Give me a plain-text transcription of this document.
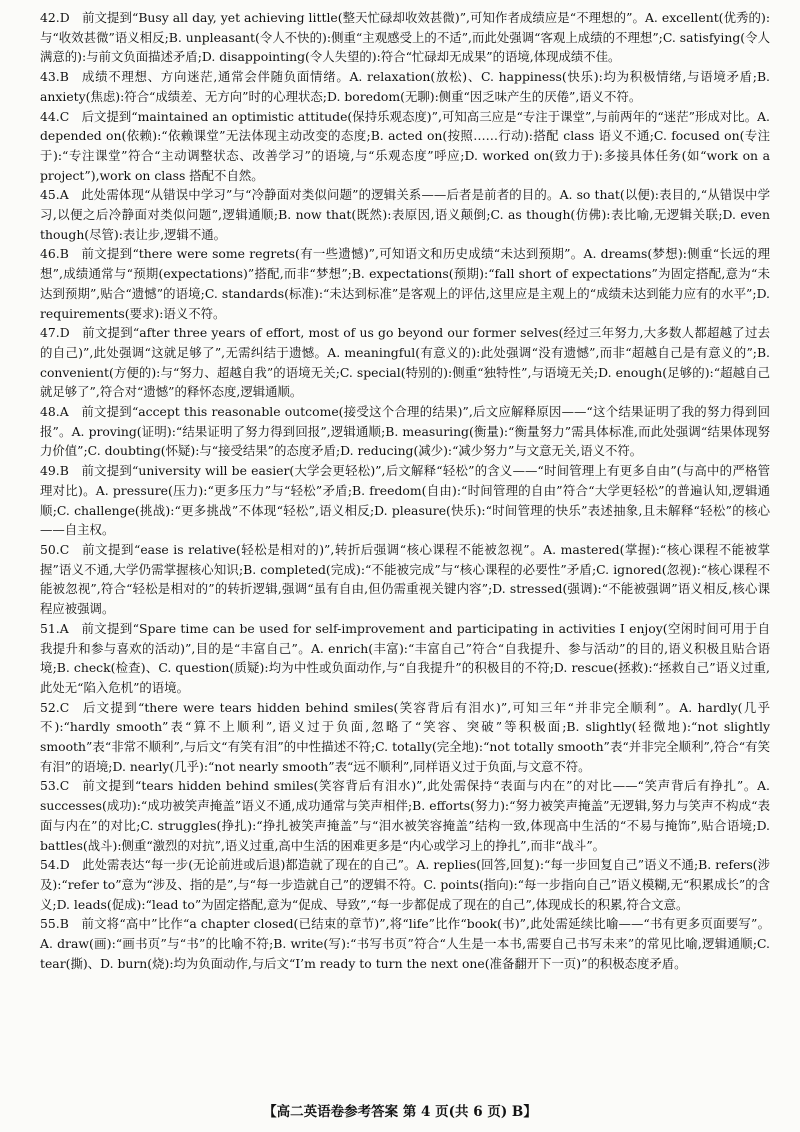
42.D  前文提到“Busy all day, yet achieving little(整天忙碌却收效甚微)”,可知作者成绩应是“不理想的”。A. excellent(优秀的):与“收效甚微”语义相反;B. unpleasant(令人不快的):侧重“主观感受上的不适”,而此处强调“客观上成绩的不理想”;C. satisfying(令人满意的):与前文负面描述矛盾;D. disappointing(令人失望的):符合“忙碌却无成果”的语境,体现成绩不佳。

43.B  成绩不理想、方向迷茫,通常会伴随负面情绪。A. relaxation(放松)、C. happiness(快乐):均为积极情绪,与语境矛盾;B. anxiety(焦虑):符合“成绩差、无方向”时的心理状态;D. boredom(无聊):侧重“因乏味产生的厌倦”,语义不符。

44.C  后文提到“maintained an optimistic attitude(保持乐观态度)”,可知高三应是“专注于课堂”,与前两年的“迷茫”形成对比。A. depended on(依赖):“依赖课堂”无法体现主动改变的态度;B. acted on(按照……行动):搭配 class 语义不通;C. focused on(专注于):“专注课堂”符合“主动调整状态、改善学习”的语境,与“乐观态度”呼应;D. worked on(致力于):多接具体任务(如“work on a project”),work on class 搭配不自然。

45.A  此处需体现“从错误中学习”与“冷静面对类似问题”的逻辑关系——后者是前者的目的。A. so that(以便):表目的,“从错误中学习,以便之后冷静面对类似问题”,逻辑通顺;B. now that(既然):表原因,语义颠倒;C. as though(仿佛):表比喻,无逻辑关联;D. even though(尽管):表让步,逻辑不通。

46.B  前文提到“there were some regrets(有一些遗憾)”,可知语文和历史成绩“未达到预期”。A. dreams(梦想):侧重“长远的理想”,成绩通常与“预期(expectations)”搭配,而非“梦想”;B. expectations(预期):“fall short of expectations”为固定搭配,意为“未达到预期”,贴合“遗憾”的语境;C. standards(标准):“未达到标准”是客观上的评估,这里应是主观上的“成绩未达到能力应有的水平”;D. requirements(要求):语义不符。

47.D  前文提到“after three years of effort, most of us go beyond our former selves(经过三年努力,大多数人都超越了过去的自己)”,此处强调“这就足够了”,无需纠结于遗憾。A. meaningful(有意义的):此处强调“没有遗憾”,而非“超越自己是有意义的”;B. convenient(方便的):与“努力、超越自我”的语境无关;C. special(特别的):侧重“独特性”,与语境无关;D. enough(足够的):“超越自己就足够了”,符合对“遗憾”的释怀态度,逻辑通顺。

48.A  前文提到“accept this reasonable outcome(接受这个合理的结果)”,后文应解释原因——“这个结果证明了我的努力得到回报”。A. proving(证明):“结果证明了努力得到回报”,逻辑通顺;B. measuring(衡量):“衡量努力”需具体标准,而此处强调“结果体现努力价值”;C. doubting(怀疑):与“接受结果”的态度矛盾;D. reducing(减少):“减少努力”与文意无关,语义不符。

49.B  前文提到“university will be easier(大学会更轻松)”,后文解释“轻松”的含义——“时间管理上有更多自由”(与高中的严格管理对比)。A. pressure(压力):“更多压力”与“轻松”矛盾;B. freedom(自由):“时间管理的自由”符合“大学更轻松”的普遍认知,逻辑通顺;C. challenge(挑战):“更多挑战”不体现“轻松”,语义相反;D. pleasure(快乐):“时间管理的快乐”表述抽象,且未解释“轻松”的核心——自主权。

50.C  前文提到“ease is relative(轻松是相对的)”,转折后强调“核心课程不能被忽视”。A. mastered(掌握):“核心课程不能被掌握”语义不通,大学仍需掌握核心知识;B. completed(完成):“不能被完成”与“核心课程的必要性”矛盾;C. ignored(忽视):“核心课程不能被忽视”,符合“轻松是相对的”的转折逻辑,强调“虽有自由,但仍需重视关键内容”;D. stressed(强调):“不能被强调”语义相反,核心课程应被强调。

51.A  前文提到“Spare time can be used for self-improvement and participating in activities I enjoy(空闲时间可用于自我提升和参与喜欢的活动)”,目的是“丰富自己”。A. enrich(丰富):“丰富自己”符合“自我提升、参与活动”的目的,语义积极且贴合语境;B. check(检查)、C. question(质疑):均为中性或负面动作,与“自我提升”的积极目的不符;D. rescue(拯救):“拯救自己”语义过重,此处无“陷入危机”的语境。

52.C  后文提到“there were tears hidden behind smiles(笑容背后有泪水)”,可知三年“并非完全顺利”。A. hardly(几乎不):“hardly smooth”表“算不上顺利”,语义过于负面,忽略了“笑容、突破”等积极面;B. slightly(轻微地):“not slightly smooth”表“非常不顺利”,与后文“有笑有泪”的中性描述不符;C. totally(完全地):“not totally smooth”表“并非完全顺利”,符合“有笑有泪”的语境;D. nearly(几乎):“not nearly smooth”表“远不顺利”,同样语义过于负面,与文意不符。

53.C  前文提到“tears hidden behind smiles(笑容背后有泪水)”,此处需保持“表面与内在”的对比——“笑声背后有挣扎”。A. successes(成功):“成功被笑声掩盖”语义不通,成功通常与笑声相伴;B. efforts(努力):“努力被笑声掩盖”无逻辑,努力与笑声不构成“表面与内在”的对比;C. struggles(挣扎):“挣扎被笑声掩盖”与“泪水被笑容掩盖”结构一致,体现高中生活的“不易与掩饰”,贴合语境;D. battles(战斗):侧重“激烈的对抗”,语义过重,高中生活的困难更多是“内心或学习上的挣扎”,而非“战斗”。

54.D  此处需表达“每一步(无论前进或后退)都造就了现在的自己”。A. replies(回答,回复):“每一步回复自己”语义不通;B. refers(涉及):“refer to”意为“涉及、指的是”,与“每一步造就自己”的逻辑不符。C. points(指向):“每一步指向自己”语义模糊,无“积累成长”的含义;D. leads(促成):“lead to”为固定搭配,意为“促成、导致”,“每一步都促成了现在的自己”,体现成长的积累,符合文意。

55.B  前文将“高中”比作“a chapter closed(已结束的章节)”,将“life”比作“book(书)”,此处需延续比喻——“书有更多页面要写”。A. draw(画):“画书页”与“书”的比喻不符;B. write(写):“书写书页”符合“人生是一本书,需要自己书写未来”的常见比喻,逻辑通顺;C. tear(撕)、D. burn(烧):均为负面动作,与后文“I’m ready to turn the next one(准备翻开下一页)”的积极态度矛盾。

【高二英语卷参考答案 第 4 页(共 6 页) B】
